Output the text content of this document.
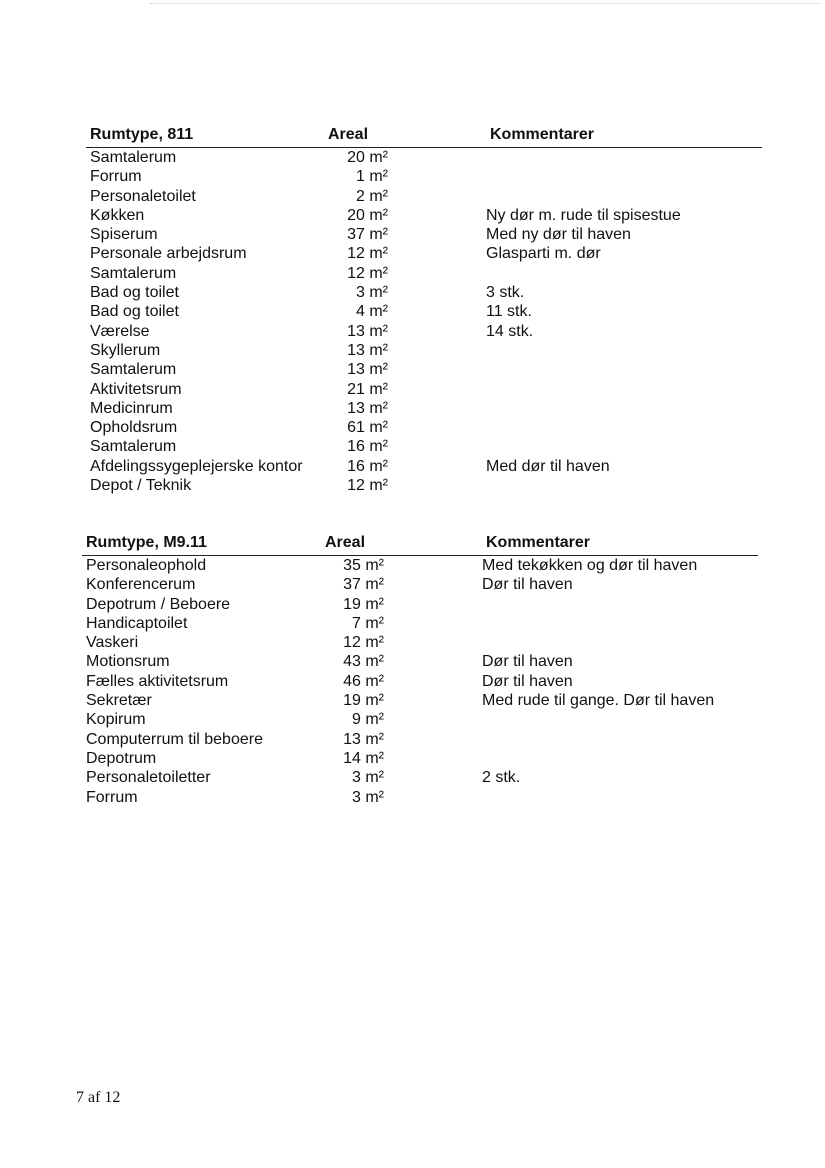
Rumtype, 811	Areal	Kommentarer
Samtalerum	20 m²
Forrum	1 m²
Personaletoilet	2 m²
Køkken	20 m²	Ny dør m. rude til spisestue
Spiserum	37 m²	Med ny dør til haven
Personale arbejdsrum	12 m²	Glasparti m. dør
Samtalerum	12 m²
Bad og toilet	3 m²	3 stk.
Bad og toilet	4 m²	11 stk.
Værelse	13 m²	14 stk.
Skyllerum	13 m²
Samtalerum	13 m²
Aktivitetsrum	21 m²
Medicinrum	13 m²
Opholdsrum	61 m²
Samtalerum	16 m²
Afdelingssygeplejerske kontor	16 m²	Med dør til haven
Depot / Teknik	12 m²
Rumtype, M9.11	Areal	Kommentarer
Personaleophold	35 m²	Med tekøkken og dør til haven
Konferencerum	37 m²	Dør til haven
Depotrum / Beboere	19 m²
Handicaptoilet	7 m²
Vaskeri	12 m²
Motionsrum	43 m²	Dør til haven
Fælles aktivitetsrum	46 m²	Dør til haven
Sekretær	19 m²	Med rude til gange. Dør til haven
Kopirum	9 m²
Computerrum til beboere	13 m²
Depotrum	14 m²
Personaletoiletter	3 m²	2 stk.
Forrum	3 m²
7 af 12
